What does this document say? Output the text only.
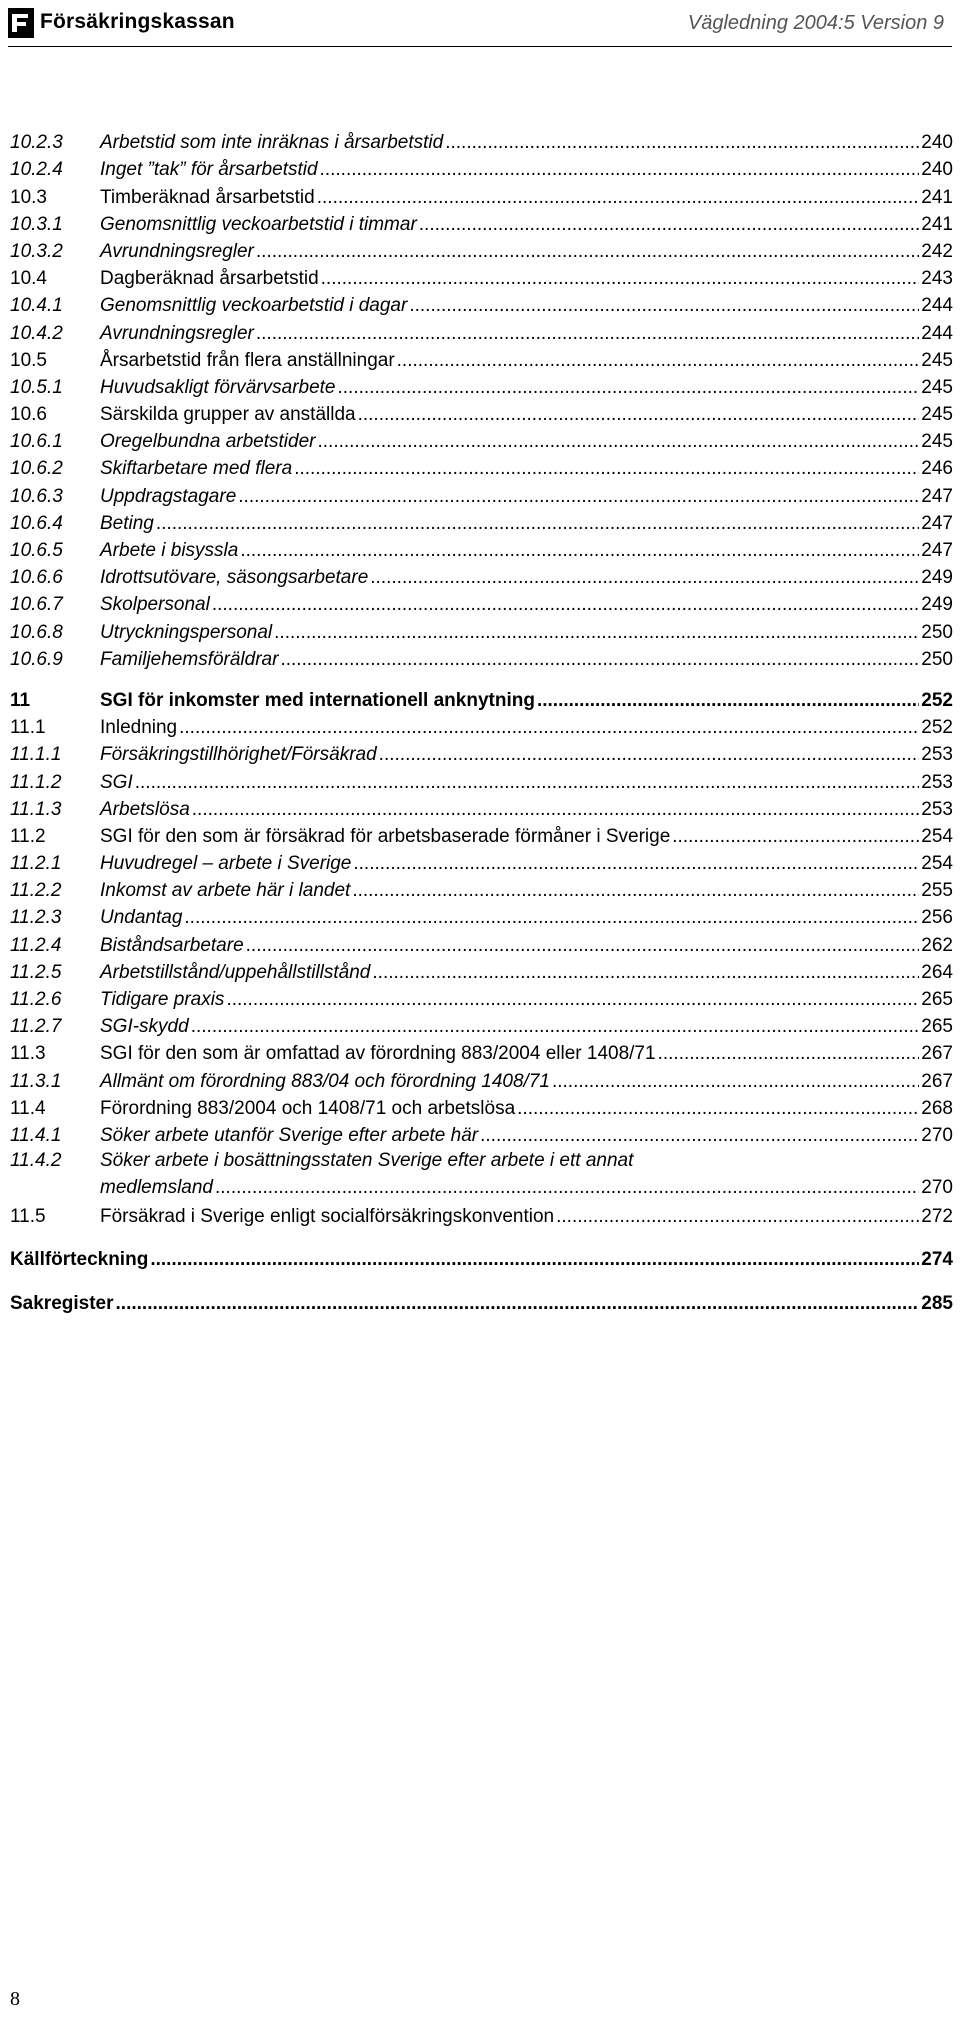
Försäkringskassan	Vägledning 2004:5 Version 9
10.2.3	Arbetstid som inte inräknas i årsarbetstid .....	240
10.2.4	Inget ”tak” för årsarbetstid .....	240
10.3	Timberäknad årsarbetstid .....	241
10.3.1	Genomsnittlig veckoarbetstid i timmar .....	241
10.3.2	Avrundningsregler .....	242
10.4	Dagberäknad årsarbetstid .....	243
10.4.1	Genomsnittlig veckoarbetstid i dagar .....	244
10.4.2	Avrundningsregler .....	244
10.5	Årsarbetstid från flera anställningar .....	245
10.5.1	Huvudsakligt förvärvsarbete .....	245
10.6	Särskilda grupper av anställda .....	245
10.6.1	Oregelbundna arbetstider .....	245
10.6.2	Skiftarbetare med flera .....	246
10.6.3	Uppdragstagare .....	247
10.6.4	Beting .....	247
10.6.5	Arbete i bisyssla .....	247
10.6.6	Idrottsutövare, säsongsarbetare .....	249
10.6.7	Skolpersonal .....	249
10.6.8	Utryckningspersonal .....	250
10.6.9	Familjehemsföräldrar .....	250
11	SGI för inkomster med internationell anknytning .....	252
11.1	Inledning .....	252
11.1.1	Försäkringstillhörighet/Försäkrad .....	253
11.1.2	SGI .....	253
11.1.3	Arbetslösa .....	253
11.2	SGI för den som är försäkrad för arbetsbaserade förmåner i Sverige .....	254
11.2.1	Huvudregel – arbete i Sverige .....	254
11.2.2	Inkomst av arbete här i landet .....	255
11.2.3	Undantag .....	256
11.2.4	Biståndsarbetare .....	262
11.2.5	Arbetstillstånd/uppehållstillstånd .....	264
11.2.6	Tidigare praxis .....	265
11.2.7	SGI-skydd .....	265
11.3	SGI för den som är omfattad av förordning 883/2004 eller 1408/71 .....	267
11.3.1	Allmänt om förordning 883/04 och förordning 1408/71 .....	267
11.4	Förordning 883/2004 och 1408/71 och arbetslösa .....	268
11.4.1	Söker arbete utanför Sverige efter arbete här .....	270
11.4.2	Söker arbete i bosättningsstaten Sverige efter arbete i ett annat
medlemsland .....	270
11.5	Försäkrad i Sverige enligt socialförsäkringskonvention .....	272
Källförteckning .....	274
Sakregister .....	285
8
